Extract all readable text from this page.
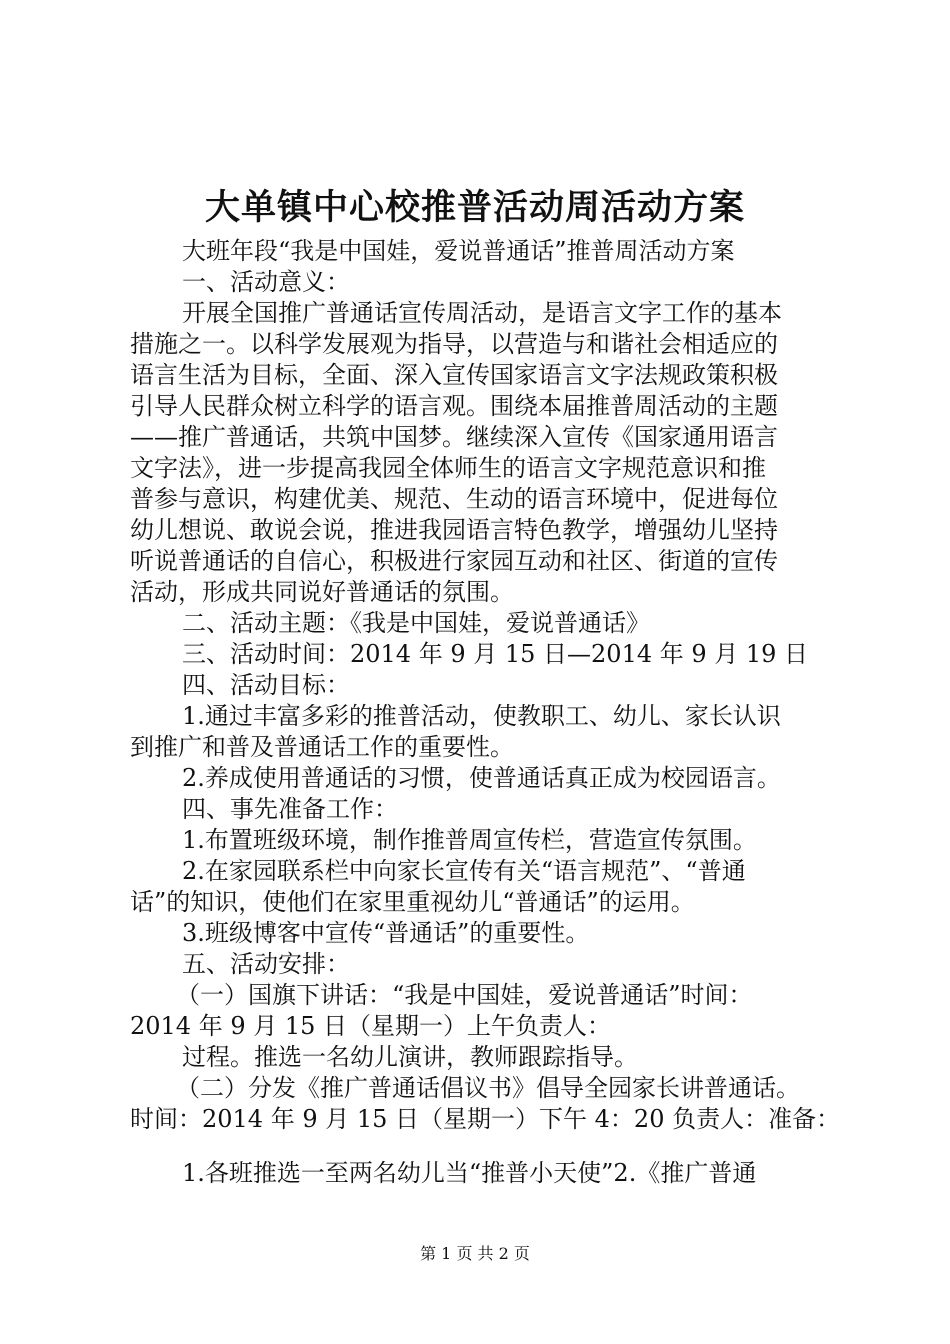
大单镇中心校推普活动周活动方案
大班年段“我是中国娃，爱说普通话”推普周活动方案
一、活动意义：
开展全国推广普通话宣传周活动，是语言文字工作的基本
措施之一。以科学发展观为指导，以营造与和谐社会相适应的
语言生活为目标，全面、深入宣传国家语言文字法规政策积极
引导人民群众树立科学的语言观。围绕本届推普周活动的主题
——推广普通话，共筑中国梦。继续深入宣传《国家通用语言
文字法》，进一步提高我园全体师生的语言文字规范意识和推
普参与意识，构建优美、规范、生动的语言环境中，促进每位
幼儿想说、敢说会说，推进我园语言特色教学，增强幼儿坚持
听说普通话的自信心，积极进行家园互动和社区、街道的宣传
活动，形成共同说好普通话的氛围。
二、活动主题：《我是中国娃，爱说普通话》
三、活动时间：2014 年 9 月 15 日—2014 年 9 月 19 日
四、活动目标：
1.通过丰富多彩的推普活动，使教职工、幼儿、家长认识
到推广和普及普通话工作的重要性。
2.养成使用普通话的习惯，使普通话真正成为校园语言。
四、事先准备工作：
1.布置班级环境，制作推普周宣传栏，营造宣传氛围。
2.在家园联系栏中向家长宣传有关“语言规范”、“普通
话”的知识，使他们在家里重视幼儿“普通话”的运用。
3.班级博客中宣传“普通话”的重要性。
五、活动安排：
（一）国旗下讲话：“我是中国娃，爱说普通话”时间：
2014 年 9 月 15 日（星期一）上午负责人：
过程。推选一名幼儿演讲，教师跟踪指导。
（二）分发《推广普通话倡议书》倡导全园家长讲普通话。
时间：2014 年 9 月 15 日（星期一）下午 4：20 负责人：准备：
1.各班推选一至两名幼儿当“推普小天使”2.《推广普通
第 1 页 共 2 页
